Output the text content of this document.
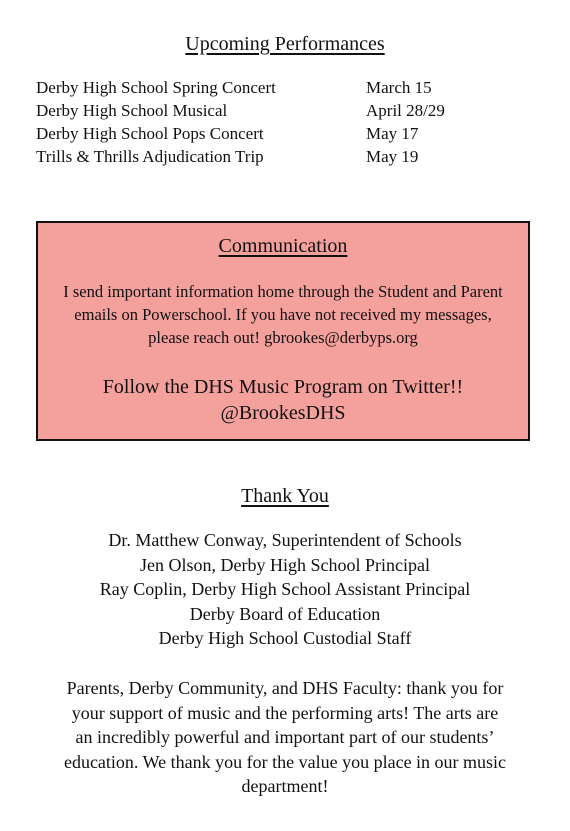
Upcoming Performances
Derby High School Spring Concert	March 15
Derby High School Musical	April 28/29
Derby High School Pops Concert	May 17
Trills & Thrills Adjudication Trip	May 19
Communication
I send important information home through the Student and Parent
emails on Powerschool. If you have not received my messages,
please reach out! gbrookes@derbyps.org
Follow the DHS Music Program on Twitter!!
@BrookesDHS
Thank You
Dr. Matthew Conway, Superintendent of Schools
Jen Olson, Derby High School Principal
Ray Coplin, Derby High School Assistant Principal
Derby Board of Education
Derby High School Custodial Staff
Parents, Derby Community, and DHS Faculty: thank you for
your support of music and the performing arts! The arts are
an incredibly powerful and important part of our students’
education. We thank you for the value you place in our music
department!
